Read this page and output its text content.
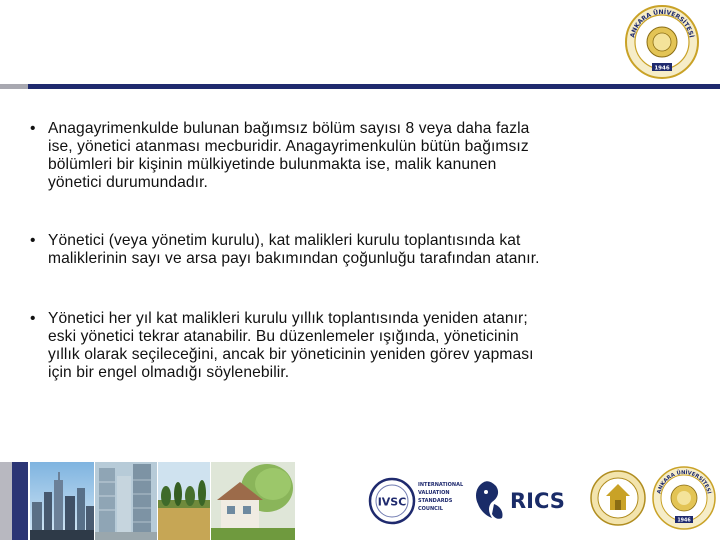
ANKARA ÜNİVERSİTESİ
1946
• Anagayrimenkulde bulunan bağımsız bölüm sayısı 8 veya daha fazla
ise, yönetici atanması mecburidir. Anagayrimenkulün bütün bağımsız
bölümleri bir kişinin mülkiyetinde bulunmakta ise, malik kanunen
yönetici durumundadır.
• Yönetici (veya yönetim kurulu), kat malikleri kurulu toplantısında kat
maliklerinin sayı ve arsa payı bakımından çoğunluğu tarafından atanır.
• Yönetici her yıl kat malikleri kurulu yıllık toplantısında yeniden atanır;
eski yönetici tekrar atanabilir. Bu düzenlemeler ışığında, yöneticinin
yıllık olarak seçileceğini, ancak bir yöneticinin yeniden görev yapması
için bir engel olmadığı söylenebilir.
IVSC
INTERNATIONAL
VALUATION
STANDARDS
COUNCIL	RICS	ANKARA ÜNİVERSİTESİ
1946
